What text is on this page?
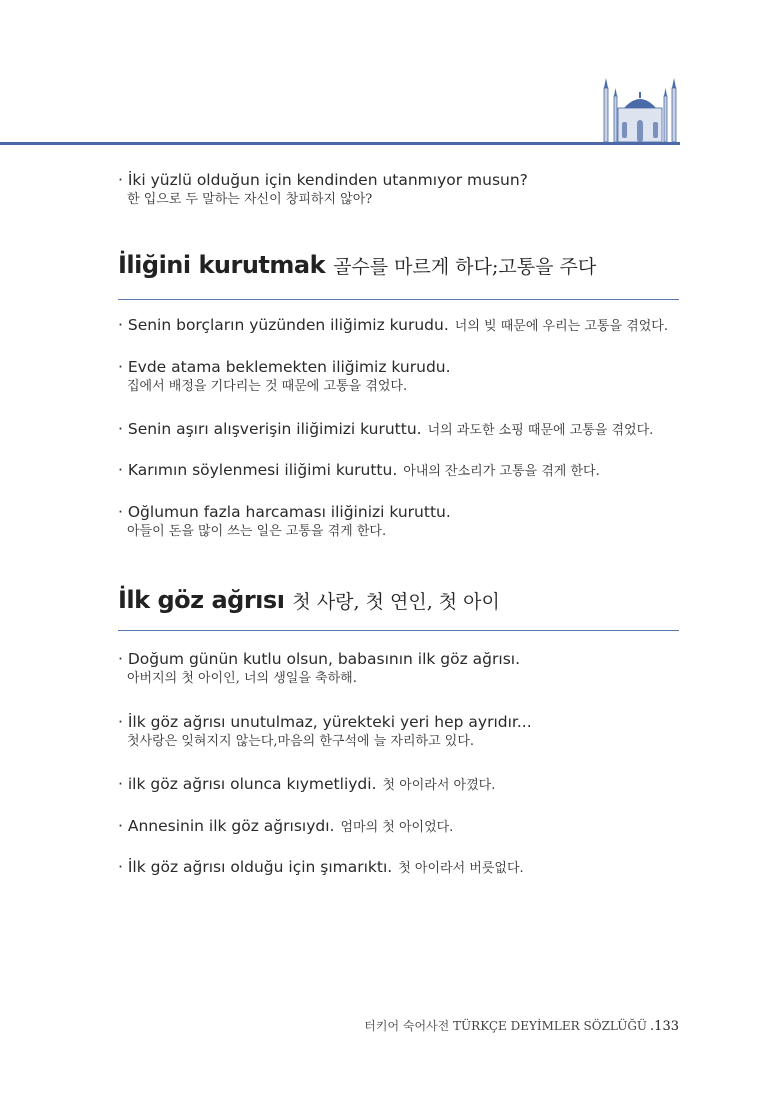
· İki yüzlü olduğun için kendinden utanmıyor musun?
한 입으로 두 말하는 자신이 창피하지 않아?
İliğini kurutmak 골수를 마르게 하다;고통을 주다
· Senin borçların yüzünden iliğimiz kurudu. 너의 빚 때문에 우리는 고통을 겪었다.
· Evde atama beklemekten iliğimiz kurudu.
집에서 배정을 기다리는 것 때문에 고통을 겪었다.
· Senin aşırı alışverişin iliğimizi kuruttu. 너의 과도한 소핑 때문에 고통을 겪었다.
· Karımın söylenmesi iliğimi kuruttu. 아내의 잔소리가 고통을 겪게 한다.
· Oğlumun fazla harcaması iliğinizi kuruttu.
아들이 돈을 많이 쓰는 일은 고통을 겪게 한다.
İlk göz ağrısı 첫 사랑, 첫 연인, 첫 아이
· Doğum günün kutlu olsun, babasının ilk göz ağrısı.
아버지의 첫 아이인, 너의 생일을 축하해.
· İlk göz ağrısı unutulmaz, yürekteki yeri hep ayrıdır...
첫사랑은 잊혀지지 않는다,마음의 한구석에 늘 자리하고 있다.
· ilk göz ağrısı olunca kıymetliydi. 첫 아이라서 아꼈다.
· Annesinin ilk göz ağrısıydı. 엄마의 첫 아이었다.
· İlk göz ağrısı olduğu için şımarıktı. 첫 아이라서 버릇없다.
터키어 숙어사전 TÜRKÇE DEYİMLER SÖZLÜĞÜ .133
